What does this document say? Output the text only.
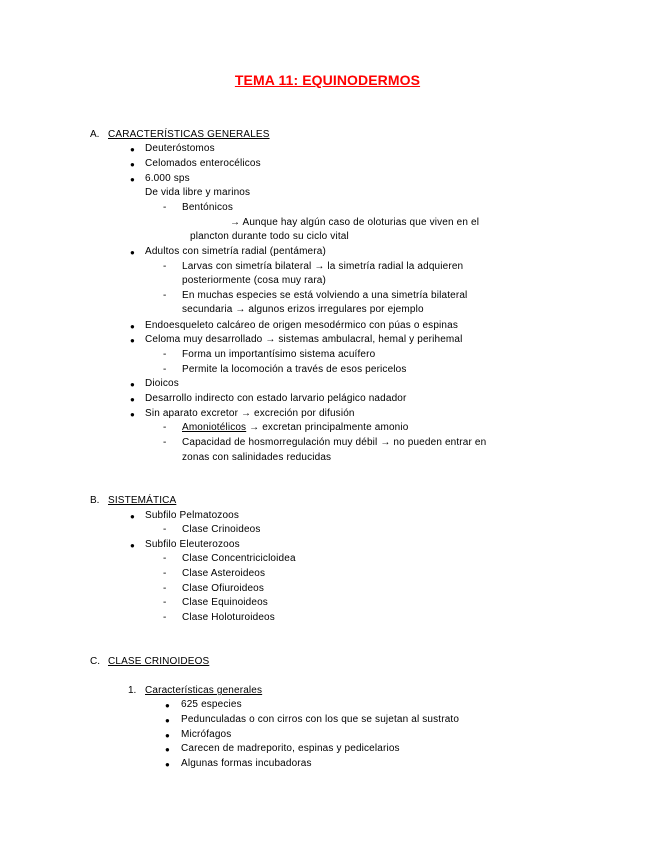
TEMA 11: EQUINODERMOS
A. CARACTERÍSTICAS GENERALES
● Deuteróstomos
● Celomados enterocélicos
● 6.000 sps
De vida libre y marinos
- Bentónicos
→ Aunque hay algún caso de oloturias que viven en el
plancton durante todo su ciclo vital
● Adultos con simetría radial (pentámera)
- Larvas con simetría bilateral → la simetría radial la adquieren
posteriormente (cosa muy rara)
- En muchas especies se está volviendo a una simetría bilateral
secundaria → algunos erizos irregulares por ejemplo
● Endoesqueleto calcáreo de origen mesodérmico con púas o espinas
● Celoma muy desarrollado → sistemas ambulacral, hemal y perihemal
- Forma un importantísimo sistema acuífero
- Permite la locomoción a través de esos pericelos
● Dioicos
● Desarrollo indirecto con estado larvario pelágico nadador
● Sin aparato excretor → excreción por difusión
- Amoniotélicos → excretan principalmente amonio
- Capacidad de hosmorregulación muy débil → no pueden entrar en
zonas con salinidades reducidas
B. SISTEMÁTICA
● Subfilo Pelmatozoos
- Clase Crinoideos
● Subfilo Eleuterozoos
- Clase Concentricicloidea
- Clase Asteroideos
- Clase Ofiuroideos
- Clase Equinoideos
- Clase Holoturoideos
C. CLASE CRINOIDEOS
1. Características generales
● 625 especies
● Pedunculadas o con cirros con los que se sujetan al sustrato
● Micrófagos
● Carecen de madreporito, espinas y pedicelarios
● Algunas formas incubadoras
